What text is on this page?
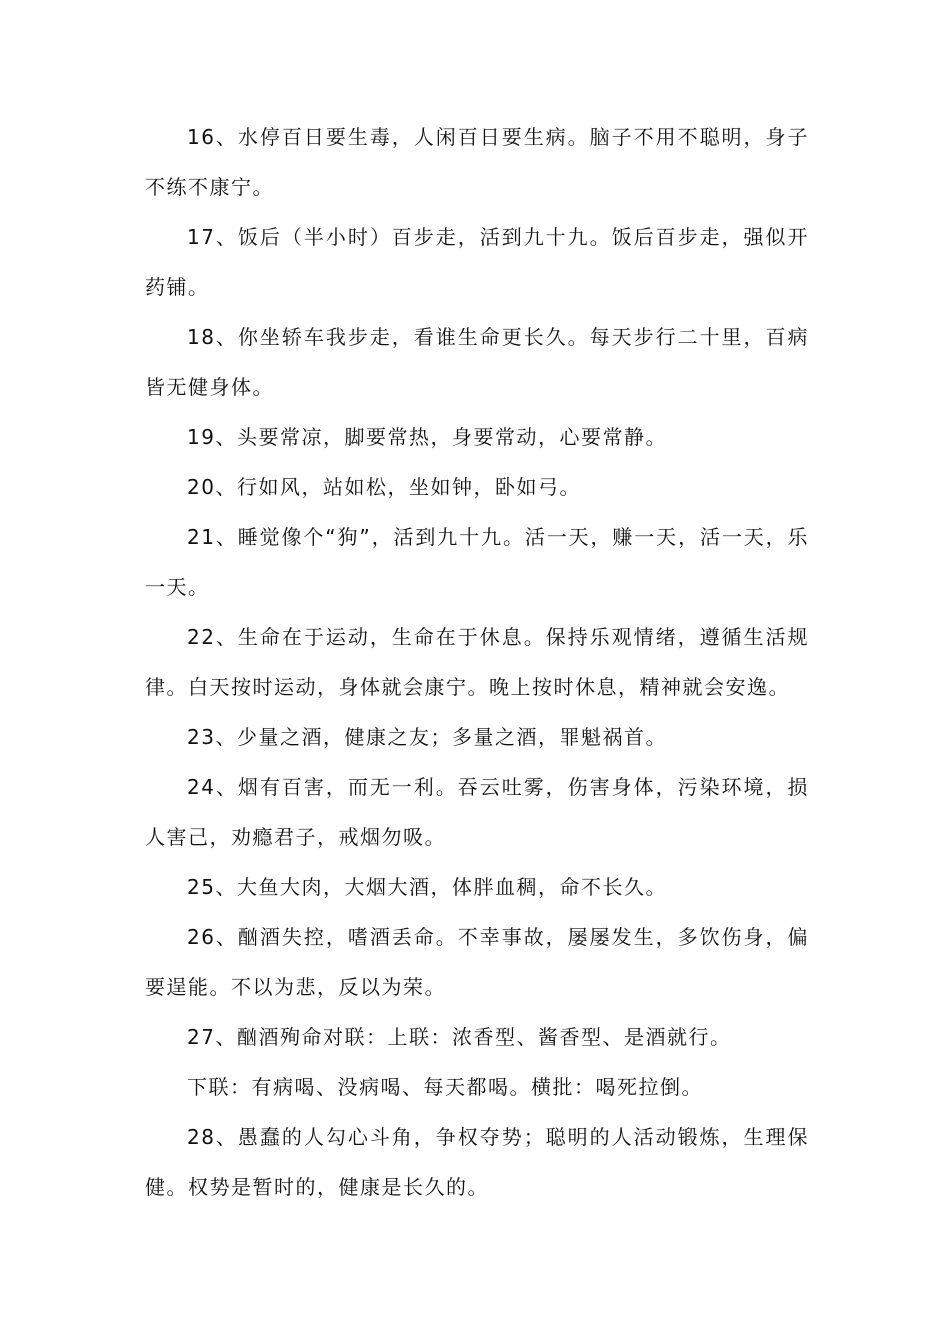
16、水停百日要生毒，人闲百日要生病。脑子不用不聪明，身子不练不康宁。

17、饭后（半小时）百步走，活到九十九。饭后百步走，强似开药铺。

18、你坐轿车我步走，看谁生命更长久。每天步行二十里，百病皆无健身体。

19、头要常凉，脚要常热，身要常动，心要常静。

20、行如风，站如松，坐如钟，卧如弓。

21、睡觉像个“狗”，活到九十九。活一天，赚一天，活一天，乐一天。

22、生命在于运动，生命在于休息。保持乐观情绪，遵循生活规律。白天按时运动，身体就会康宁。晚上按时休息，精神就会安逸。

23、少量之酒，健康之友；多量之酒，罪魁祸首。

24、烟有百害，而无一利。吞云吐雾，伤害身体，污染环境，损人害己，劝瘾君子，戒烟勿吸。

25、大鱼大肉，大烟大酒，体胖血稠，命不长久。

26、酗酒失控，嗜酒丢命。不幸事故，屡屡发生，多饮伤身，偏要逞能。不以为悲，反以为荣。

27、酗酒殉命对联：上联：浓香型、酱香型、是酒就行。

下联：有病喝、没病喝、每天都喝。横批：喝死拉倒。

28、愚蠢的人勾心斗角，争权夺势；聪明的人活动锻炼，生理保健。权势是暂时的，健康是长久的。
